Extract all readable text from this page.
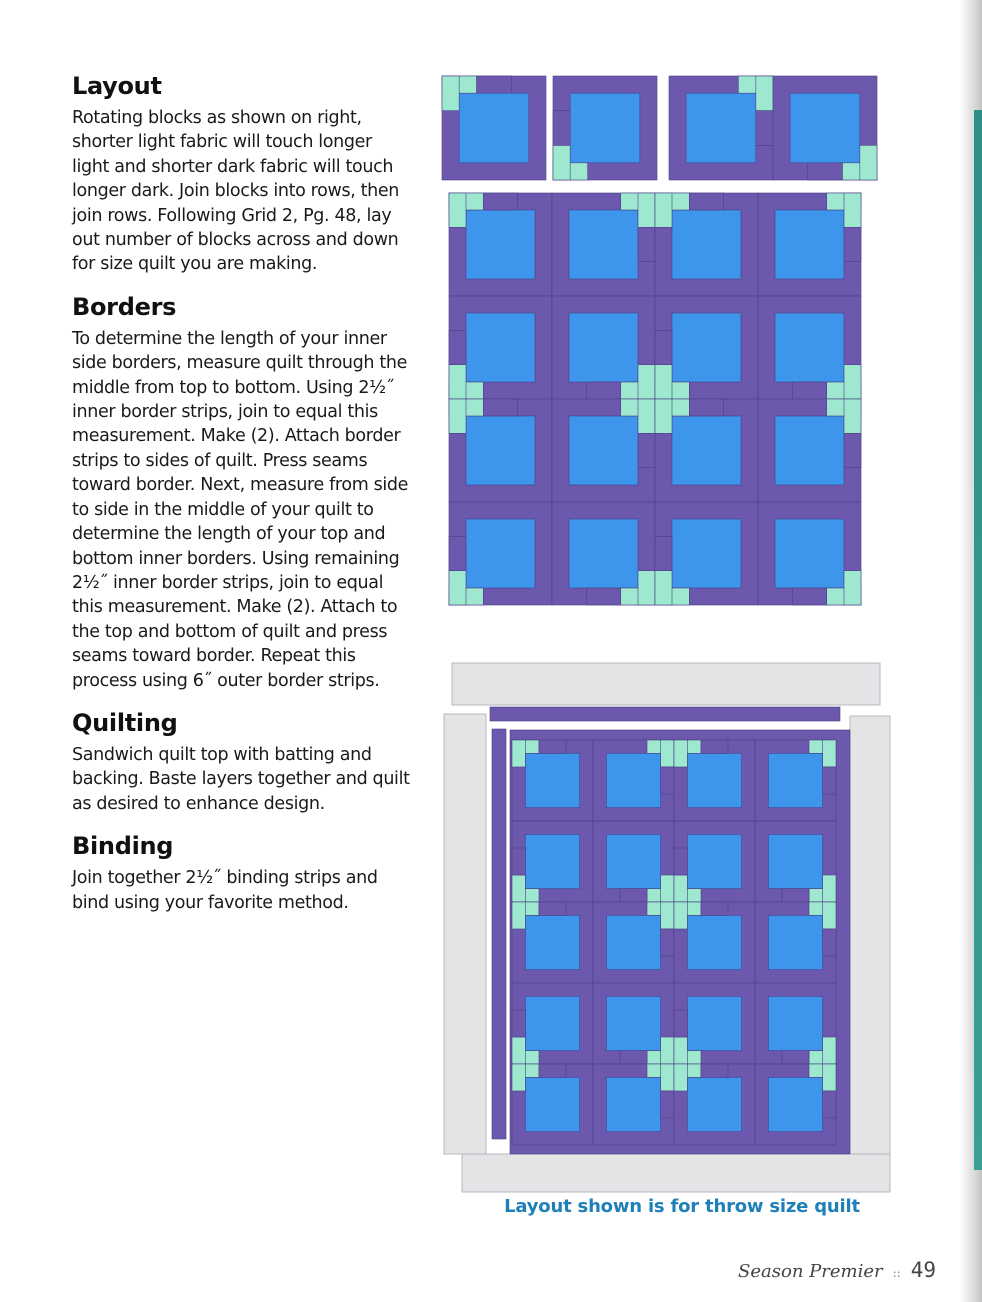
Layout

Rotating blocks as shown on right, shorter light fabric will touch longer light and shorter dark fabric will touch longer dark. Join blocks into rows, then join rows. Following Grid 2, Pg. 48, lay out number of blocks across and down for size quilt you are making.

Borders

To determine the length of your inner side borders, measure quilt through the middle from top to bottom. Using 2½˝ inner border strips, join to equal this measurement. Make (2). Attach border strips to sides of quilt. Press seams toward border. Next, measure from side to side in the middle of your quilt to determine the length of your top and bottom inner borders. Using remaining 2½˝ inner border strips, join to equal this measurement. Make (2). Attach to the top and bottom of quilt and press seams toward border. Repeat this process using 6˝ outer border strips.

Quilting

Sandwich quilt top with batting and backing. Baste layers together and quilt as desired to enhance design.

Binding

Join together 2½˝ binding strips and bind using your favorite method.

Layout shown is for throw size quilt
Season Premier :: 49
